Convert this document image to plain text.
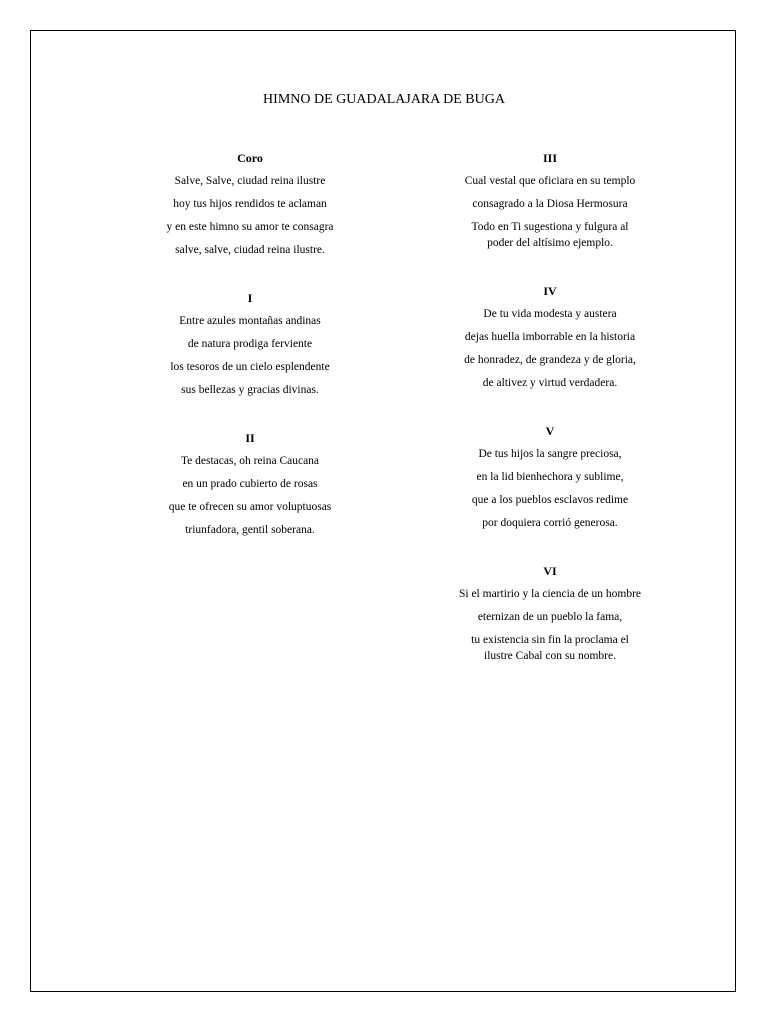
HIMNO DE GUADALAJARA DE BUGA
Coro
Salve, Salve, ciudad reina ilustre
hoy tus hijos rendidos te aclaman
y en este himno su amor te consagra
salve, salve, ciudad reina ilustre.
I
Entre azules montañas andinas
de natura prodiga ferviente
los tesoros de un cielo esplendente
sus bellezas y gracias divinas.
II
Te destacas, oh reina Caucana
en un prado cubierto de rosas
que te ofrecen su amor voluptuosas
triunfadora, gentil soberana.
III
Cual vestal que oficiara en su templo
consagrado a la Diosa Hermosura
Todo en Ti sugestiona y fulgura al
poder del altísimo ejemplo.
IV
De tu vida modesta y austera
dejas huella imborrable en la historia
de honradez, de grandeza y de gloria,
de altivez y virtud verdadera.
V
De tus hijos la sangre preciosa,
en la lid bienhechora y sublime,
que a los pueblos esclavos redime
por doquiera corrió generosa.
VI
Si el martirio y la ciencia de un hombre
eternizan de un pueblo la fama,
tu existencia sin fin la proclama el
ilustre Cabal con su nombre.
